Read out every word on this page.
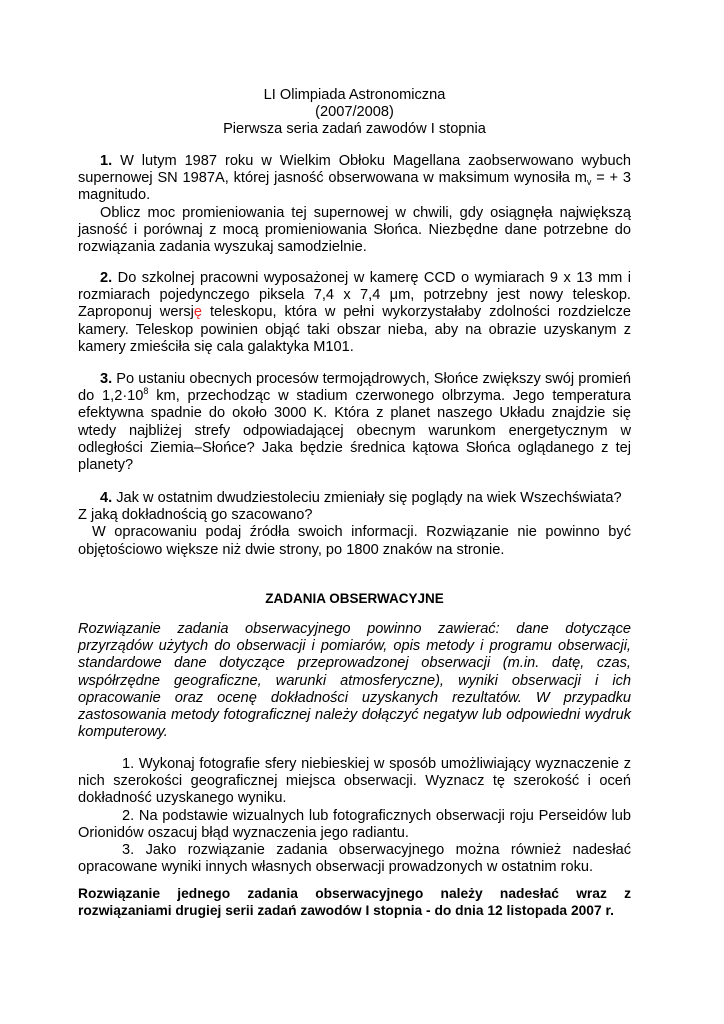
LI Olimpiada Astronomiczna

(2007/2008)

Pierwsza seria zadań zawodów I stopnia

1. W lutym 1987 roku w Wielkim Obłoku Magellana zaobserwowano wybuch supernowej SN 1987A, której jasność obserwowana w maksimum wynosiła $m_v$ = + 3 magnitudo.

Oblicz moc promieniowania tej supernowej w chwili, gdy osiągnęła największą jasność i porównaj z mocą promieniowania Słońca. Niezbędne dane potrzebne do rozwiązania zadania wyszukaj samodzielnie.

2. Do szkolnej pracowni wyposażonej w kamerę CCD o wymiarach 9 x 13 mm i rozmiarach pojedynczego piksela 7,4 x 7,4 μm, potrzebny jest nowy teleskop. Zaproponuj wersję teleskopu, która w pełni wykorzystałaby zdolności rozdzielcze kamery. Teleskop powinien objąć taki obszar nieba, aby na obrazie uzyskanym z kamery zmieściła się cala galaktyka M101.

3. Po ustaniu obecnych procesów termojądrowych, Słońce zwiększy swój promień do $1,2\cdot 10^8$ km, przechodząc w stadium czerwonego olbrzyma. Jego temperatura efektywna spadnie do około 3000 K. Która z planet naszego Układu znajdzie się wtedy najbliżej strefy odpowiadającej obecnym warunkom energetycznym w odległości Ziemia–Słońce? Jaka będzie średnica kątowa Słońca oglądanego z tej planety?

4. Jak w ostatnim dwudziestoleciu zmieniały się poglądy na wiek Wszechświata?

Z jaką dokładnością go szacowano?

W opracowaniu podaj źródła swoich informacji. Rozwiązanie nie powinno być objętościowo większe niż dwie strony, po 1800 znaków na stronie.

ZADANIA OBSERWACYJNE

Rozwiązanie zadania obserwacyjnego powinno zawierać: dane dotyczące przyrządów użytych do obserwacji i pomiarów, opis metody i programu obserwacji, standardowe dane dotyczące przeprowadzonej obserwacji (m.in. datę, czas, współrzędne geograficzne, warunki atmosferyczne), wyniki obserwacji i ich opracowanie oraz ocenę dokładności uzyskanych rezultatów. W przypadku zastosowania metody fotograficznej należy dołączyć negatyw lub odpowiedni wydruk komputerowy.

1. Wykonaj fotografie sfery niebieskiej w sposób umożliwiający wyznaczenie z nich szerokości geograficznej miejsca obserwacji. Wyznacz tę szerokość i oceń dokładność uzyskanego wyniku.

2. Na podstawie wizualnych lub fotograficznych obserwacji roju Perseidów lub Orionidów oszacuj błąd wyznaczenia jego radiantu.

3. Jako rozwiązanie zadania obserwacyjnego można również nadesłać opracowane wyniki innych własnych obserwacji prowadzonych w ostatnim roku.

Rozwiązanie jednego zadania obserwacyjnego należy nadesłać wraz z rozwiązaniami drugiej serii zadań zawodów I stopnia - do dnia 12 listopada 2007 r.
